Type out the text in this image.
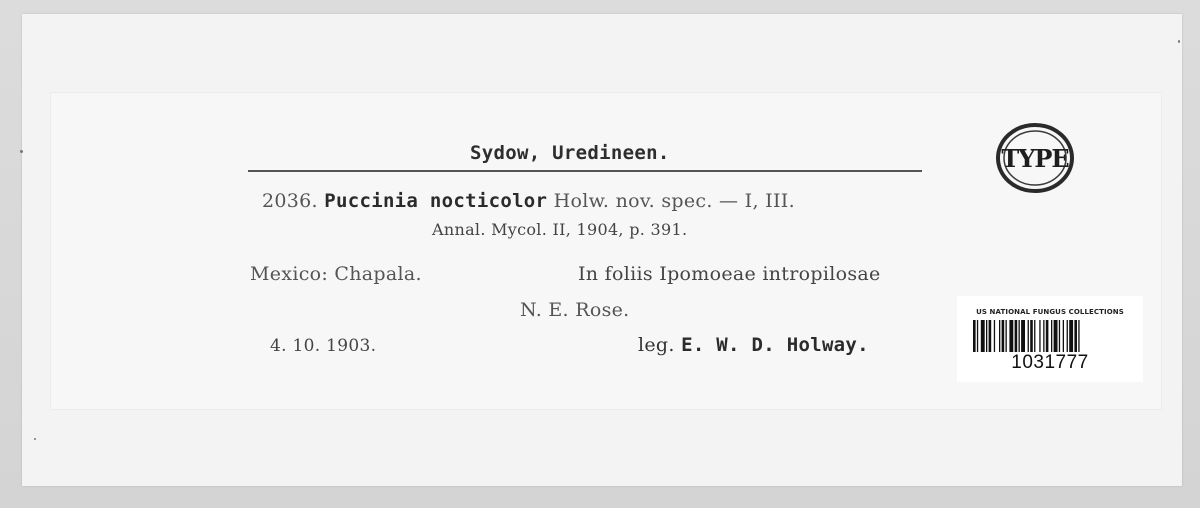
Sydow, Uredineen.
2036. Puccinia nocticolor Holw. nov. spec. — I, III.
Annal. Mycol. II, 1904, p. 391.
Mexico: Chapala.	In foliis Ipomoeae intropilosae
N. E. Rose.
4. 10. 1903.	leg. E. W. D. Holway.
TYPE
US NATIONAL FUNGUS COLLECTIONS
1031777
